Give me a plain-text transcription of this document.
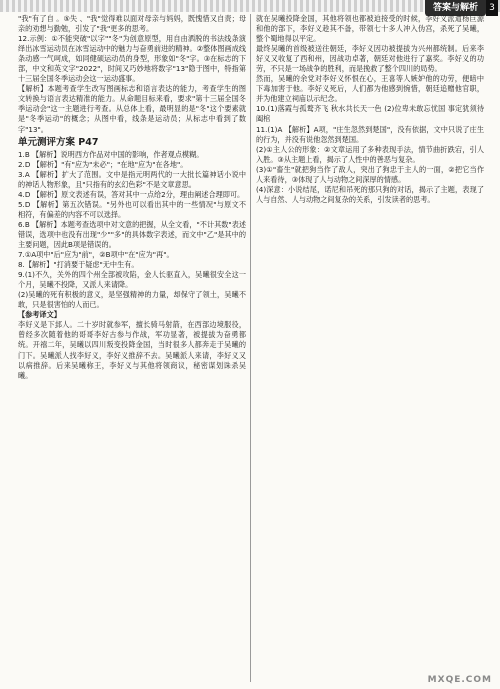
答案与解析	3

"我"有了自 。⑤失 、"我"觉得难以面对母亲与妈妈，既愧惜又自责；母亲的劝想与勤勉，引发了"我"更多的思考。

12.示例：①不能突破"以字""冬"为创意原型，用自由洒脱的书法线条演绎出冰雪运动员在冰雪运动中的魅力与奋勇前进的精神。②整体图画成线条动感一气呵成，如同健硕运动员的身型，形象如"冬"字。③在标志的下部，中文和英文字"2022"，时间又巧妙地将数字"13"隐于图中，特指第十三届全国冬季运动会这一运动盛事。

【解析】本题考查学生改写图画标志和语言表达的能力，考查学生的图文转换与语言表达精准的能力。从命题目标来看，要求"第十三届全国冬季运动会"这一主题进行考查。从总体上看，最明显的是"冬"这个要素就是"冬季运动"的概念；从图中看，线条是运动员；从标志中看到了数字"13"。

单元测评方案 P47

1.B 【解析】说明西方作品对中国的影响，作者观点模糊。

2.D 【解析】"有"应为"未必"；"在地"应为"在各地"。

3.A 【解析】扩大了范围。文中是指元明两代的一大批长篇神话小说中的神话人物形象，且"只指有的玄幻色彩"不是文章意思。

4.D 【解析】原文表述有误，答对其中一点给2分，理由阐述合理即可。

5.D 【解析】第五次错误。"另外也可以看出其中的一些情况"与原文不相符，有偏差的内容不可以选择。

6.B 【解析】本题考查选项中对文意的把握，从全文看，"不计其数"表述错误，选项中也没有出现"少""多"的具体数字表述，而文中"乙"是其中的主要问题，因此B项是错误的。

7.①A项中"后"应为"前"，②B项中"在"应为"再"。

8.【解析】"打消要于疑虑"无中生有。

9.(1)不久，关外的四个州全部被攻陷，金人长驱直入，吴曦很安全这一个月，吴曦不投降，又派人来请降。

(2)吴曦的死有积极的意义，是坚强精神的力量，却保守了领土，吴曦不敢，只是很害怕的人而已。

【参考译文】

李好义是下邽人。二十岁时就参军，擅长骑马射箭，在西部边境服役，曾经多次随着他的哥哥李好古参与作战，军功显著，被提拔为奋勇都统。开禧二年，吴曦以四川叛变投降金国，当时很多人都奔走于吴曦的门下。吴曦派人找李好义，李好义推辞不去。吴曦派人来请，李好义又以病推辞。后来吴曦称王，李好义与其他将领商议，秘密谋划诛杀吴曦。

就在吴曦投降金国，其他将领也都被迫接受的时候，李好义派遣杨巨源和他的部下，李好义趁其不备，带领七十多人冲入伪宫，杀死了吴曦，整个蜀地得以平定。

最终吴曦的首级被送往朝廷，李好义因功被提拔为兴州都统制。后来李好义又收复了西和州，因战功卓著，朝廷对他进行了嘉奖。李好义的功劳，不只是一场战争的胜利，而是挽救了整个四川的局势。

然而，吴曦的余党对李好义怀恨在心，王喜等人嫉妒他的功劳，便暗中下毒加害于他。李好义死后，人们都为他感到惋惜，朝廷追赠他官职，并为他建立祠庙以示纪念。

10.(1)落霞与孤鹜齐飞 秋水共长天一色 (2)位卑未敢忘忧国 事定犹须待阖棺

11.(1)A 【解析】A项，"庄生忽然到楚国"，没有依据，文中只说了庄生的行为，并没有说他忽然到楚国。

(2)①主人公的形象：②文章运用了多种表现手法，情节曲折跌宕，引人入胜。③从主题上看，揭示了人性中的善恶与复杂。

(3)①"畜生"就把狗当作了敌人，突出了狗忠于主人的一面，②把它当作人来看待，③体现了人与动物之间深厚的情感。

(4)深意：小说结尾，诺尼和吊死的那只狗的对话，揭示了主题，表现了人与自然、人与动物之间复杂的关系，引发读者的思考。

MXQE.COM
